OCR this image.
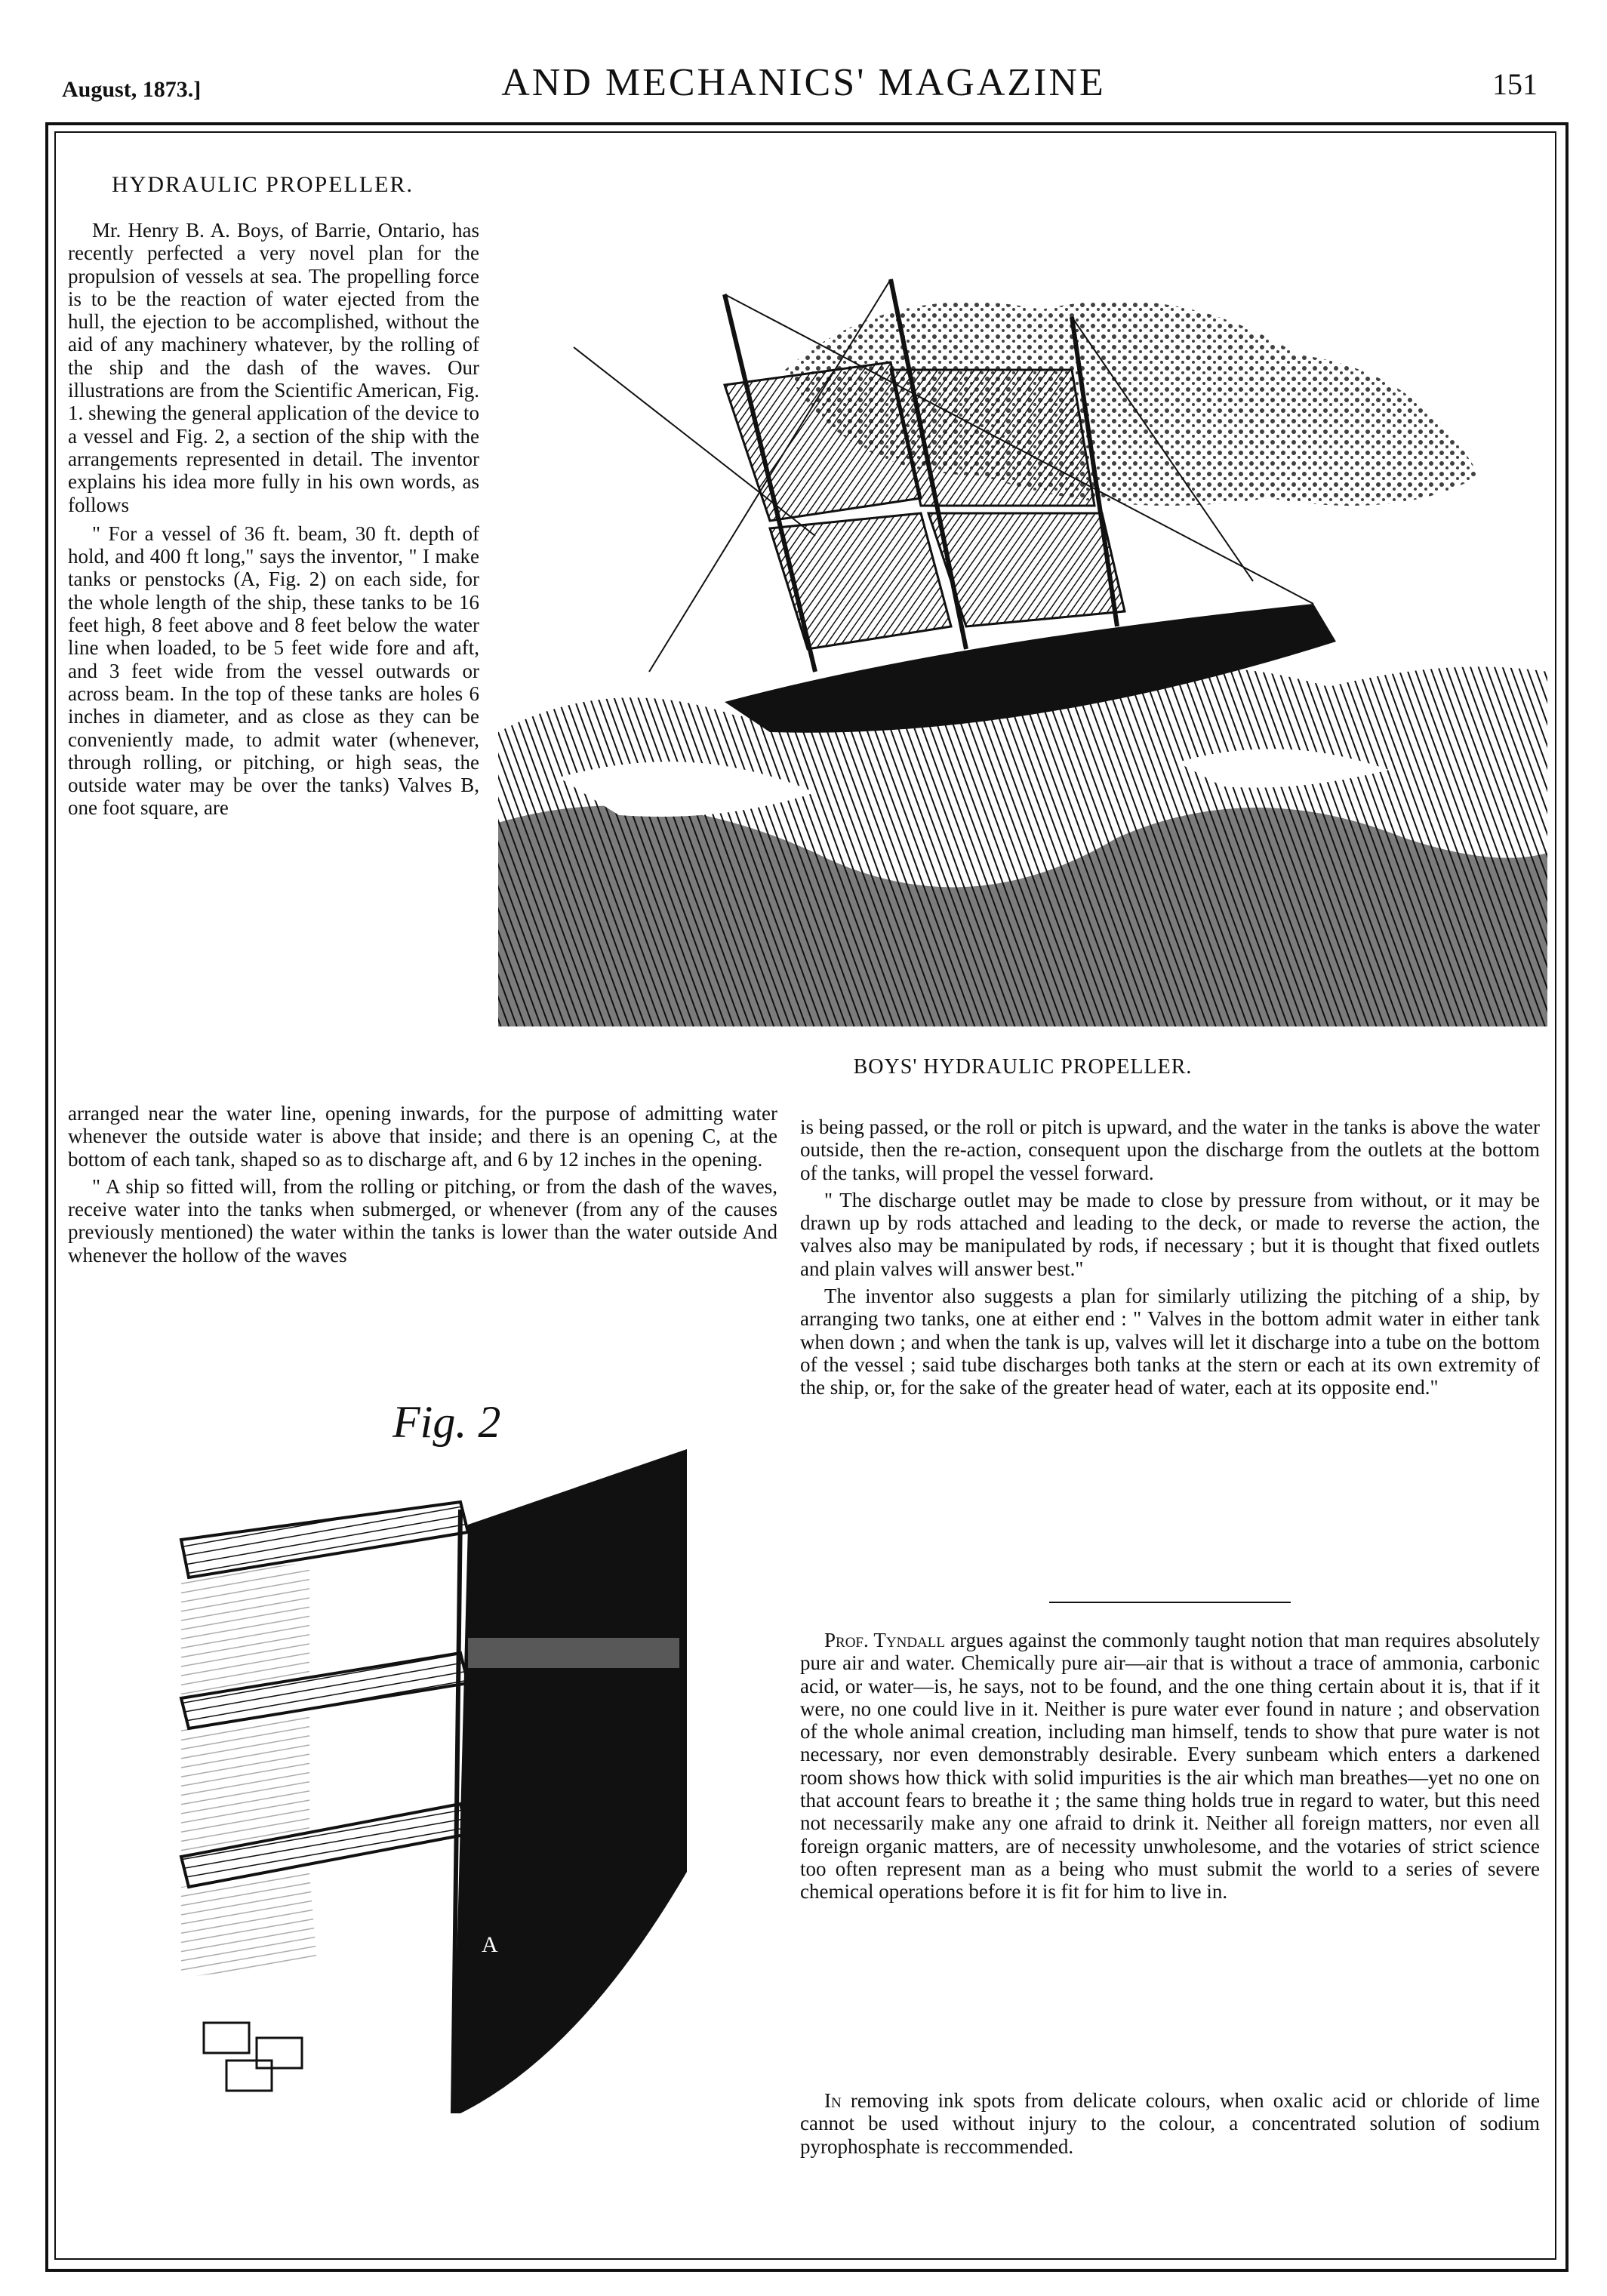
August, 1873.]	AND MECHANICS' MAGAZINE	151
HYDRAULIC PROPELLER.

Mr. Henry B. A. Boys, of Barrie, Ontario, has recently perfected a very novel plan for the propulsion of vessels at sea. The propelling force is to be the reaction of water ejected from the hull, the ejection to be accomplished, without the aid of any machinery whatever, by the rolling of the ship and the dash of the waves. Our illustrations are from the Scientific American, Fig. 1. shewing the general application of the device to a vessel and Fig. 2, a section of the ship with the arrangements represented in detail. The inventor explains his idea more fully in his own words, as follows

" For a vessel of 36 ft. beam, 30 ft. depth of hold, and 400 ft long," says the inventor, " I make tanks or penstocks (A, Fig. 2) on each side, for the whole length of the ship, these tanks to be 16 feet high, 8 feet above and 8 feet below the water line when loaded, to be 5 feet wide fore and aft, and 3 feet wide from the vessel outwards or across beam. In the top of these tanks are holes 6 inches in diameter, and as close as they can be conveniently made, to admit water (whenever, through rolling, or pitching, or high seas, the outside water may be over the tanks) Valves B, one foot square, are

BOYS' HYDRAULIC PROPELLER.

arranged near the water line, opening inwards, for the purpose of admitting water whenever the outside water is above that inside; and there is an opening C, at the bottom of each tank, shaped so as to discharge aft, and 6 by 12 inches in the opening.

" A ship so fitted will, from the rolling or pitching, or from the dash of the waves, receive water into the tanks when submerged, or whenever (from any of the causes previously mentioned) the water within the tanks is lower than the water outside And whenever the hollow of the waves

Fig. 2
A

is being passed, or the roll or pitch is upward, and the water in the tanks is above the water outside, then the re-action, consequent upon the discharge from the outlets at the bottom of the tanks, will propel the vessel forward.

" The discharge outlet may be made to close by pressure from without, or it may be drawn up by rods attached and leading to the deck, or made to reverse the action, the valves also may be manipulated by rods, if necessary ; but it is thought that fixed outlets and plain valves will answer best."

The inventor also suggests a plan for similarly utilizing the pitching of a ship, by arranging two tanks, one at either end : " Valves in the bottom admit water in either tank when down ; and when the tank is up, valves will let it discharge into a tube on the bottom of the vessel ; said tube discharges both tanks at the stern or each at its own extremity of the ship, or, for the sake of the greater head of water, each at its opposite end."

Prof. Tyndall argues against the commonly taught notion that man requires absolutely pure air and water. Chemically pure air—air that is without a trace of ammonia, carbonic acid, or water—is, he says, not to be found, and the one thing certain about it is, that if it were, no one could live in it. Neither is pure water ever found in nature ; and observation of the whole animal creation, including man himself, tends to show that pure water is not necessary, nor even demonstrably desirable. Every sunbeam which enters a darkened room shows how thick with solid impurities is the air which man breathes—yet no one on that account fears to breathe it ; the same thing holds true in regard to water, but this need not necessarily make any one afraid to drink it. Neither all foreign matters, nor even all foreign organic matters, are of necessity unwholesome, and the votaries of strict science too often represent man as a being who must submit the world to a series of severe chemical operations before it is fit for him to live in.

In removing ink spots from delicate colours, when oxalic acid or chloride of lime cannot be used without injury to the colour, a concentrated solution of sodium pyrophosphate is reccommended.
